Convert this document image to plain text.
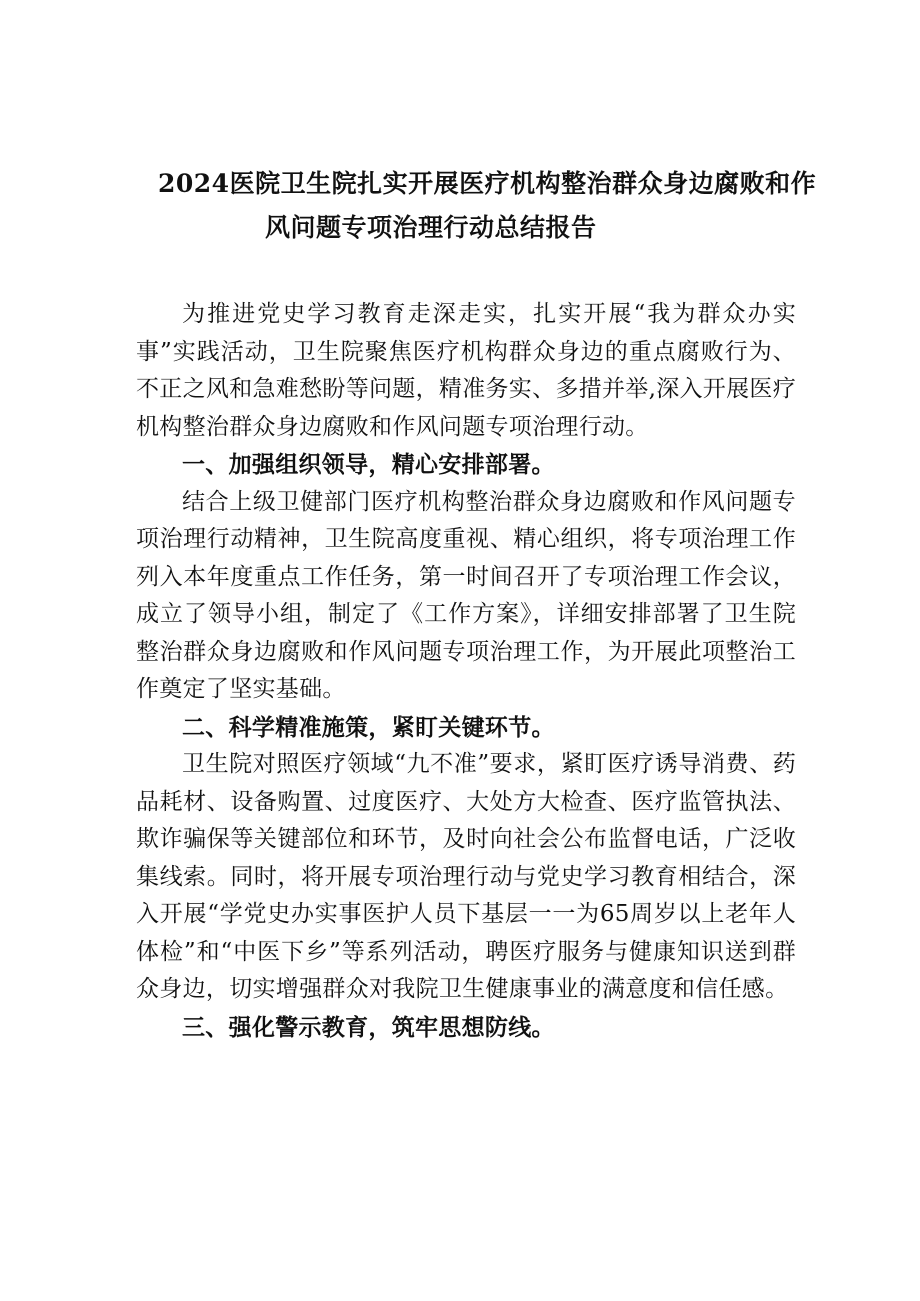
2024医院卫生院扎实开展医疗机构整治群众身边腐败和作
风问题专项治理行动总结报告

为推进党史学习教育走深走实，扎实开展“我为群众办实事”实践活动，卫生院聚焦医疗机构群众身边的重点腐败行为、不正之风和急难愁盼等问题，精准务实、多措并举,深入开展医疗机构整治群众身边腐败和作风问题专项治理行动。

一、加强组织领导，精心安排部署。

结合上级卫健部门医疗机构整治群众身边腐败和作风问题专项治理行动精神，卫生院高度重视、精心组织，将专项治理工作列入本年度重点工作任务，第一时间召开了专项治理工作会议，成立了领导小组，制定了《工作方案》，详细安排部署了卫生院整治群众身边腐败和作风问题专项治理工作，为开展此项整治工作奠定了坚实基础。

二、科学精准施策，紧盯关键环节。

卫生院对照医疗领域“九不准”要求，紧盯医疗诱导消费、药品耗材、设备购置、过度医疗、大处方大检查、医疗监管执法、欺诈骗保等关键部位和环节，及时向社会公布监督电话，广泛收集线索。同时，将开展专项治理行动与党史学习教育相结合，深入开展“学党史办实事医护人员下基层一一为65周岁以上老年人体检”和“中医下乡”等系列活动，聘医疗服务与健康知识送到群众身边，切实增强群众对我院卫生健康事业的满意度和信任感。

三、强化警示教育，筑牢思想防线。
